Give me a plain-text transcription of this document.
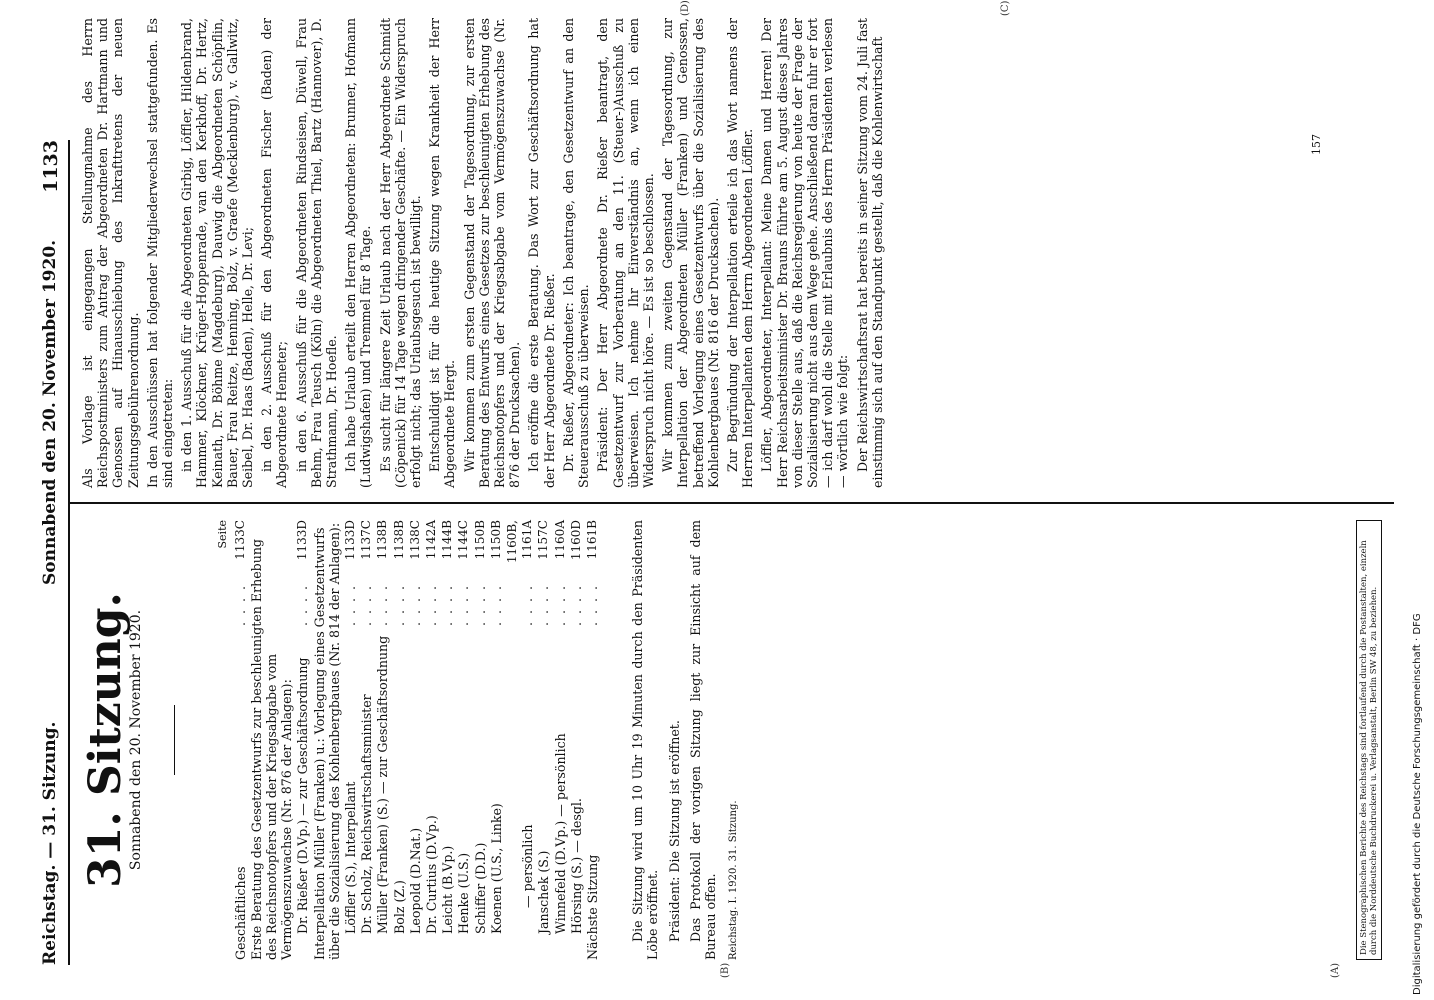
Reichstag. — 31. Sitzung.
Sonnabend den 20. November 1920.
1133
(A)
(B)
(C)
(D)
31. Sitzung.
Sonnabend den 20. November 1920.
Seite
Geschäftliches
. . . .
1133C Erste Beratung des Gesetzentwurfs zur beschleunigten Erhebung des Reichsnotopfers und der Kriegsabgabe vom Vermögenszuwachse (Nr. 876 der Anlagen): Dr. Rießer (D.Vp.) — zur Geschäftsordnung
. . . .
1133D Interpellation Müller (Franken) u.: Vorlegung eines Gesetzentwurfs über die Sozialisierung des Kohlenbergbaues (Nr. 814 der Anlagen): Löffler (S.), Interpellant
. . . .
1133D
Dr. Scholz, Reichswirtschaftsminister
. . . .
1137C
Müller (Franken) (S.) — zur Geschäftsordnung
. . . .
1138B
Bolz (Z.)
. . . .
1138B
Leopold (D.Nat.)
. . . .
1138C
Dr. Curtius (D.Vp.)
. . . .
1142A
Leicht (B.Vp.)
. . . .
1144B
Henke (U.S.)
. . . .
1144C
Schiffer (D.D.)
. . . .
1150B
Koenen (U.S., Linke)
. . . .
1150B
— persönlich
. . . .
1160B, 1161A
Janschek (S.)
. . . .
1157C
Winnefeld (D.Vp.) — persönlich
. . . .
1160A
Hörsing (S.) — desgl.
. . . .
1160D
Nächste Sitzung
. . . .
1161B Die Sitzung wird um 10 Uhr 19 Minuten durch den Präsidenten Löbe eröffnet. Präsident: Die Sitzung ist eröffnet. Das Protokoll der vorigen Sitzung liegt zur Einsicht auf dem Bureau offen. Reichstag. I. 1920. 31. Sitzung.	Die Stenographischen Berichte des Reichstags sind fortlaufend durch die Postanstalten, einzeln durch die Norddeutsche Buchdruckerei u. Verlagsanstalt, Berlin SW 48, zu beziehen.

Als Vorlage ist eingegangen Stellungnahme des Herrn Reichspostministers zum Antrag der Abgeordneten Dr. Hartmann und Genossen auf Hinausschiebung des Inkrafttretens der neuen Zeitungsgebührenordnung. In den Ausschüssen hat folgender Mitgliederwechsel stattgefunden. Es sind eingetreten: in den 1. Ausschuß für die Abgeordneten Girbig, Löffler, Hildenbrand, Hammer, Klöckner, Krüger-Hoppenrade, van den Kerkhoff, Dr. Hertz, Keinath, Dr. Böhme (Magdeburg), Dauwig die Abgeordneten Schöpflin, Bauer, Frau Reitze, Henning, Bolz, v. Graefe (Mecklenburg), v. Gallwitz, Seibel, Dr. Haas (Baden), Helle, Dr. Levi; in den 2. Ausschuß für den Abgeordneten Fischer (Baden) der Abgeordnete Hemeter; in den 6. Ausschuß für die Abgeordneten Rindseisen, Düwell, Frau Behm, Frau Teusch (Köln) die Abgeordneten Thiel, Bartz (Hannover), D. Strathmann, Dr. Hoefle. Ich habe Urlaub erteilt den Herren Abgeordneten: Brunner, Hofmann (Ludwigshafen) und Tremmel für 8 Tage. Es sucht für längere Zeit Urlaub nach der Herr Abgeordnete Schmidt (Cöpenick) für 14 Tage wegen dringender Geschäfte. — Ein Widerspruch erfolgt nicht; das Urlaubsgesuch ist bewilligt. Entschuldigt ist für die heutige Sitzung wegen Krankheit der Herr Abgeordnete Hergt. Wir kommen zum ersten Gegenstand der Tagesordnung, zur ersten Beratung des Entwurfs eines Gesetzes zur beschleunigten Erhebung des Reichsnotopfers und der Kriegsabgabe vom Vermögenszuwachse (Nr. 876 der Drucksachen). Ich eröffne die erste Beratung. Das Wort zur Geschäftsordnung hat der Herr Abgeordnete Dr. Rießer. Dr. Rießer, Abgeordneter: Ich beantrage, den Gesetzentwurf an den Steuerausschuß zu überweisen. Präsident: Der Herr Abgeordnete Dr. Rießer beantragt, den Gesetzentwurf zur Vorberatung an den 11. (Steuer-)Ausschuß zu überweisen. Ich nehme Ihr Einverständnis an, wenn ich einen Widerspruch nicht höre. — Es ist so beschlossen. Wir kommen zum zweiten Gegenstand der Tagesordnung, zur Interpellation der Abgeordneten Müller (Franken) und Genossen, betreffend Vorlegung eines Gesetzentwurfs über die Sozialisierung des Kohlenbergbaues (Nr. 816 der Drucksachen). Zur Begründung der Interpellation erteile ich das Wort namens der Herren Interpellanten dem Herrn Abgeordneten Löffler. Löffler, Abgeordneter, Interpellant: Meine Damen und Herren! Der Herr Reichsarbeitsminister Dr. Brauns führte am 5. August dieses Jahres von dieser Stelle aus, daß die Reichsregierung von heute der Frage der Sozialisierung nicht aus dem Wege gehe. Anschließend daran fuhr er fort — ich darf wohl die Stelle mit Erlaubnis des Herrn Präsidenten verlesen — wörtlich wie folgt: Der Reichswirtschaftsrat hat bereits in seiner Sitzung vom 24. Juli fast einstimmig sich auf den Standpunkt gestellt, daß die Kohlenwirtschaft	157
Digitalisierung gefördert durch die Deutsche Forschungsgemeinschaft · DFG
